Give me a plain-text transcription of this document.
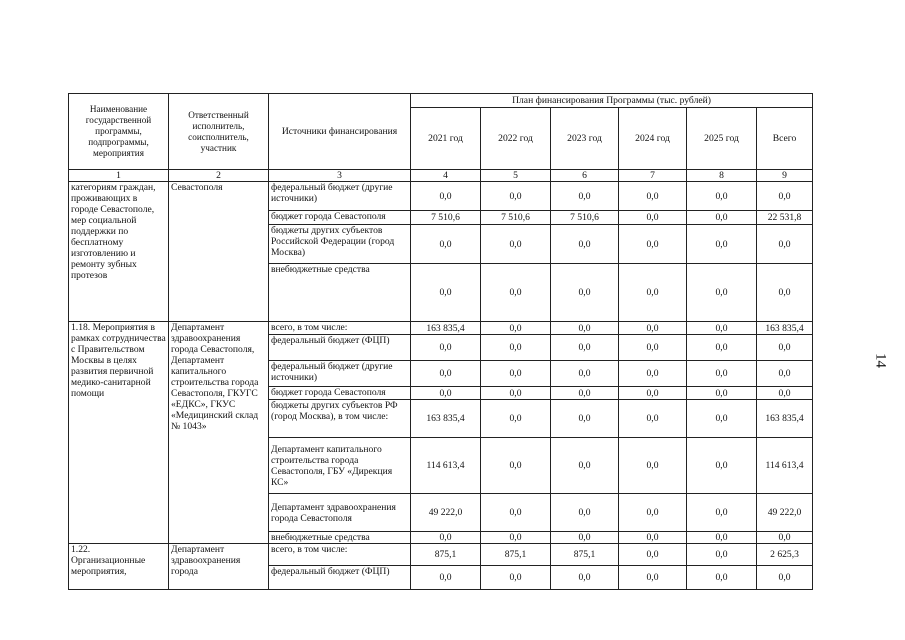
Наименование государственной программы, подпрограммы, мероприятия	Ответственный исполнитель, соисполнитель, участник	Источники финансирования	План финансирования Программы (тыс. рублей)					
			2021 год	2022 год	2023 год	2024 год	2025 год	Всего
1	2	3	4	5	6	7	8	9
категориям граждан, проживающих в городе Севастополе, мер социальной поддержки по бесплатному изготовлению и ремонту зубных протезов	Севастополя	федеральный бюджет (другие источники)	0,0	0,0	0,0	0,0	0,0	0,0
		бюджет города Севастополя	7 510,6	7 510,6	7 510,6	0,0	0,0	22 531,8
		бюджеты других субъектов Российской Федерации (город Москва)	0,0	0,0	0,0	0,0	0,0	0,0
		внебюджетные средства	0,0	0,0	0,0	0,0	0,0	0,0
1.18. Мероприятия в рамках сотрудничества с Правительством Москвы в целях развития первичной медико-санитарной помощи	Департамент здравоохранения города Севастополя, Департамент капитального строительства города Севастополя, ГКУГС «ЕДКС», ГКУС «Медицинский склад № 1043»	всего, в том числе:	163 835,4	0,0	0,0	0,0	0,0	163 835,4
		федеральный бюджет (ФЦП)	0,0	0,0	0,0	0,0	0,0	0,0
		федеральный бюджет (другие источники)	0,0	0,0	0,0	0,0	0,0	0,0
		бюджет города Севастополя	0,0	0,0	0,0	0,0	0,0	0,0
		бюджеты других субъектов РФ (город Москва), в том числе:	163 835,4	0,0	0,0	0,0	0,0	163 835,4
		Департамент капитального строительства города Севастополя, ГБУ «Дирекция КС»	114 613,4	0,0	0,0	0,0	0,0	114 613,4
		Департамент здравоохранения города Севастополя	49 222,0	0,0	0,0	0,0	0,0	49 222,0
		внебюджетные средства	0,0	0,0	0,0	0,0	0,0	0,0
1.22. Организационные мероприятия,	Департамент здравоохранения города	всего, в том числе:	875,1	875,1	875,1	0,0	0,0	2 625,3
		федеральный бюджет (ФЦП)	0,0	0,0	0,0	0,0	0,0	0,0
14
